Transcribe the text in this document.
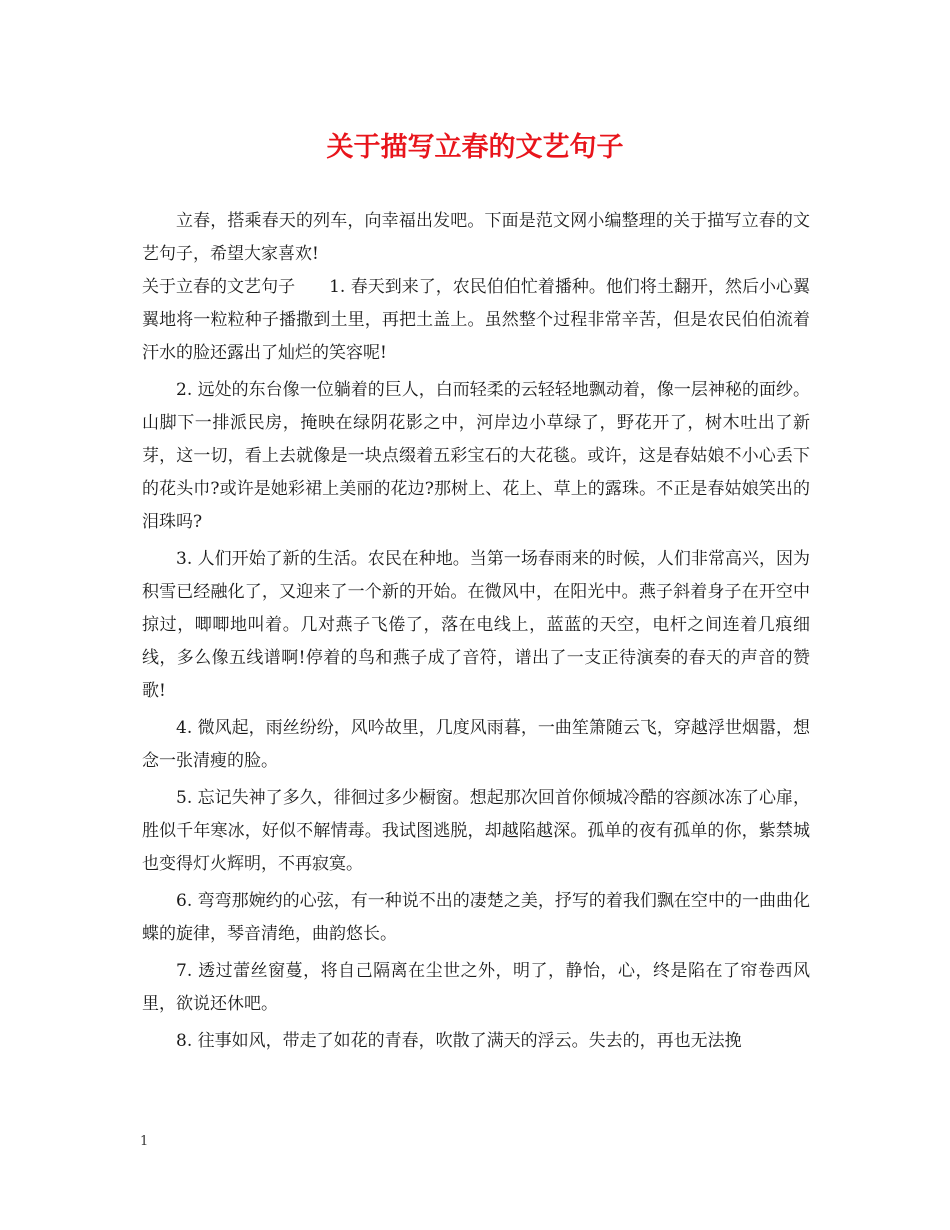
关于描写立春的文艺句子

立春，搭乘春天的列车，向幸福出发吧。下面是范文网小编整理的关于描写立春的文艺句子，希望大家喜欢!

关于立春的文艺句子   1. 春天到来了，农民伯伯忙着播种。他们将土翻开，然后小心翼翼地将一粒粒种子播撒到土里，再把土盖上。虽然整个过程非常辛苦，但是农民伯伯流着汗水的脸还露出了灿烂的笑容呢!

2. 远处的东台像一位躺着的巨人，白而轻柔的云轻轻地飘动着，像一层神秘的面纱。山脚下一排派民房，掩映在绿阴花影之中，河岸边小草绿了，野花开了，树木吐出了新芽，这一切，看上去就像是一块点缀着五彩宝石的大花毯。或许，这是春姑娘不小心丢下的花头巾?或许是她彩裙上美丽的花边?那树上、花上、草上的露珠。不正是春姑娘笑出的泪珠吗?

3. 人们开始了新的生活。农民在种地。当第一场春雨来的时候，人们非常高兴，因为积雪已经融化了，又迎来了一个新的开始。在微风中，在阳光中。燕子斜着身子在开空中掠过，唧唧地叫着。几对燕子飞倦了，落在电线上，蓝蓝的天空，电杆之间连着几痕细线，多么像五线谱啊!停着的鸟和燕子成了音符，谱出了一支正待演奏的春天的声音的赞歌!

4. 微风起，雨丝纷纷，风吟故里，几度风雨暮，一曲笙箫随云飞，穿越浮世烟嚣，想念一张清瘦的脸。

5. 忘记失神了多久，徘徊过多少橱窗。想起那次回首你倾城冷酷的容颜冰冻了心扉，胜似千年寒冰，好似不解情毒。我试图逃脱，却越陷越深。孤单的夜有孤单的你，紫禁城也变得灯火辉明，不再寂寞。

6. 弯弯那婉约的心弦，有一种说不出的凄楚之美，抒写的着我们飘在空中的一曲曲化蝶的旋律，琴音清绝，曲韵悠长。

7. 透过蕾丝窗蔓，将自己隔离在尘世之外，明了，静怡，心，终是陷在了帘卷西风里，欲说还休吧。

8. 往事如风，带走了如花的青春，吹散了满天的浮云。失去的，再也无法挽

1
